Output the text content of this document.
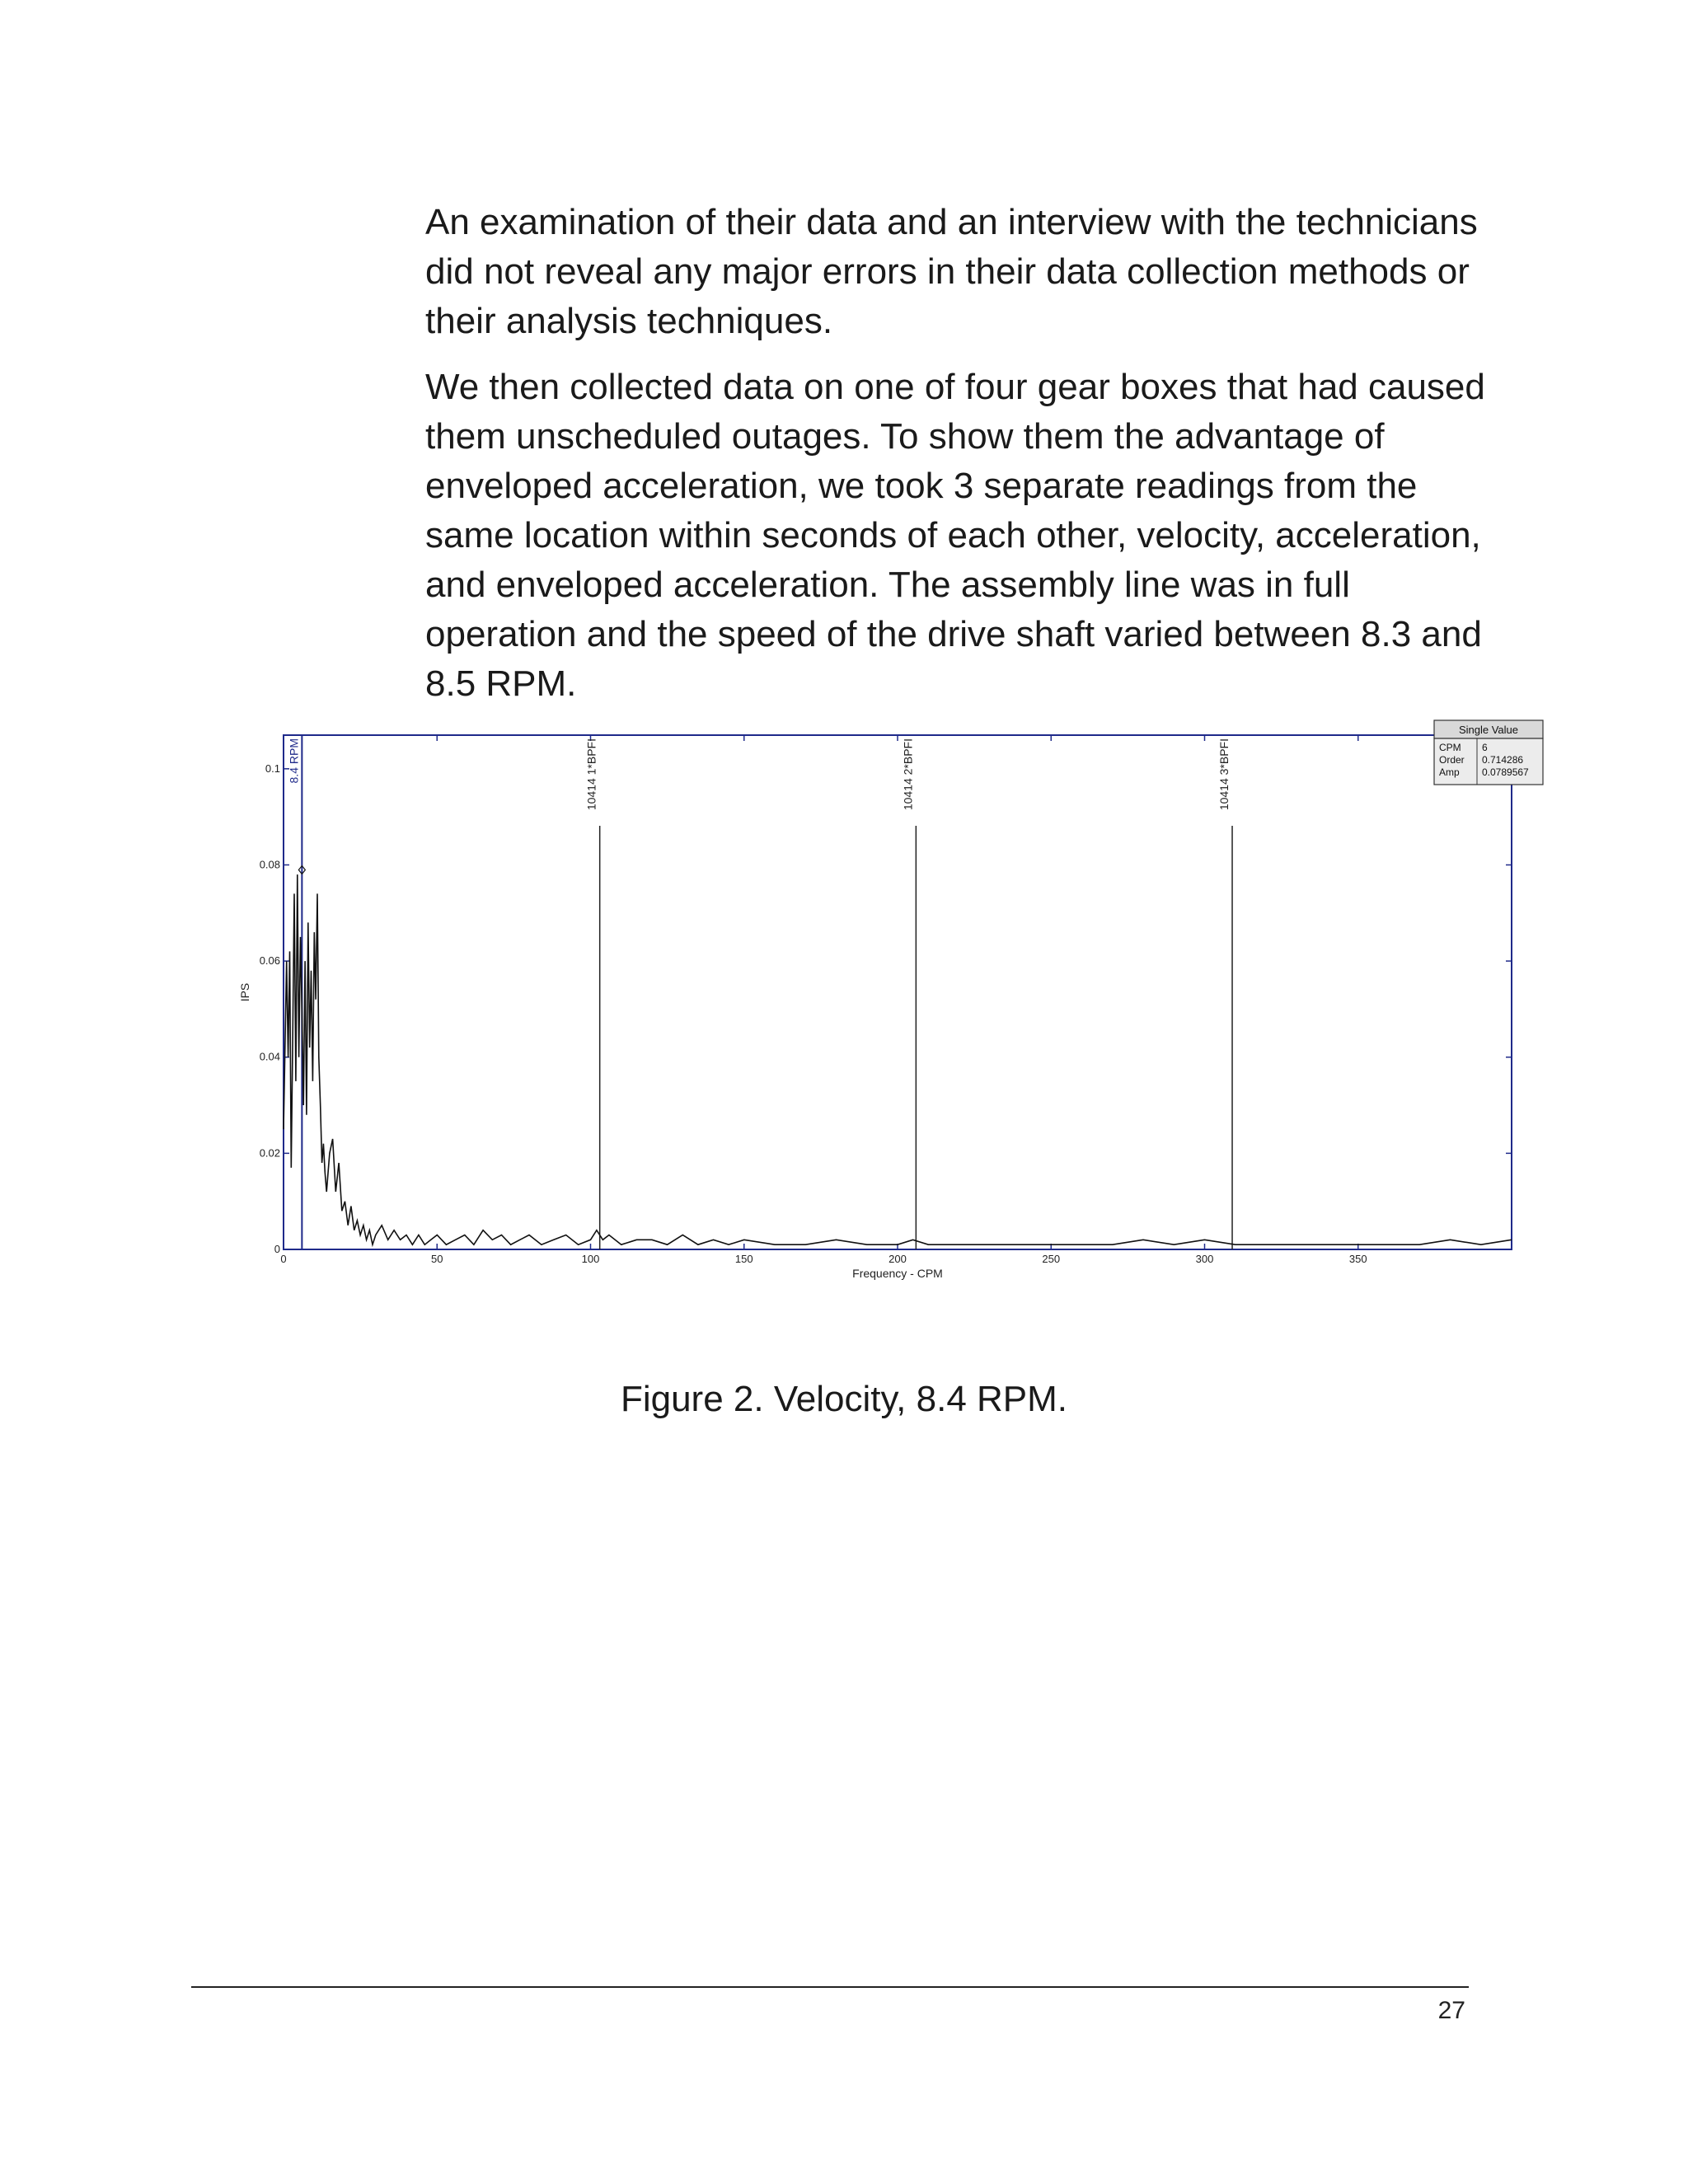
An examination of their data and an interview with the technicians did not reveal any major errors in their data collection methods or their analysis techniques.

We then collected data on one of four gear boxes that had caused them unscheduled outages. To show them the advantage of enveloped acceleration, we took 3 separate readings from the same location within seconds of each other, velocity, acceleration, and enveloped acceleration. The assembly line was in full operation and the speed of the drive shaft varied between 8.3 and 8.5 RPM.

0	50	100	150	200	250	300	350
0
0.02
0.04
0.06
0.08
0.1
Frequency - CPM
IPS
8.4 RPM	10414 1*BPFI	10414 2*BPFI	10414 3*BPFI
Single Value
CPM 6
Order 0.714286
Amp 0.0789567
Figure 2. Velocity, 8.4 RPM.
27
